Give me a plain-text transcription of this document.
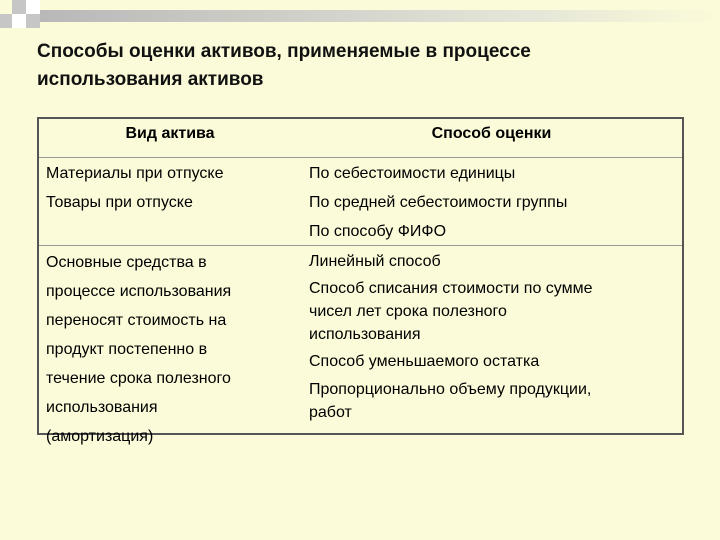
Способы оценки активов, применяемые в процессе
использования активов
Вид актива	Способ оценки
Материалы при отпуске
Товары при отпуске
По себестоимости единицы
По средней себестоимости группы
По способу ФИФО
Основные средства в
процессе использования
переносят стоимость на
продукт постепенно в
течение срока полезного
использования
(амортизация)
Линейный способ
Способ списания стоимости по сумме
чисел лет срока полезного
использования
Способ уменьшаемого остатка
Пропорционально объему продукции,
работ
